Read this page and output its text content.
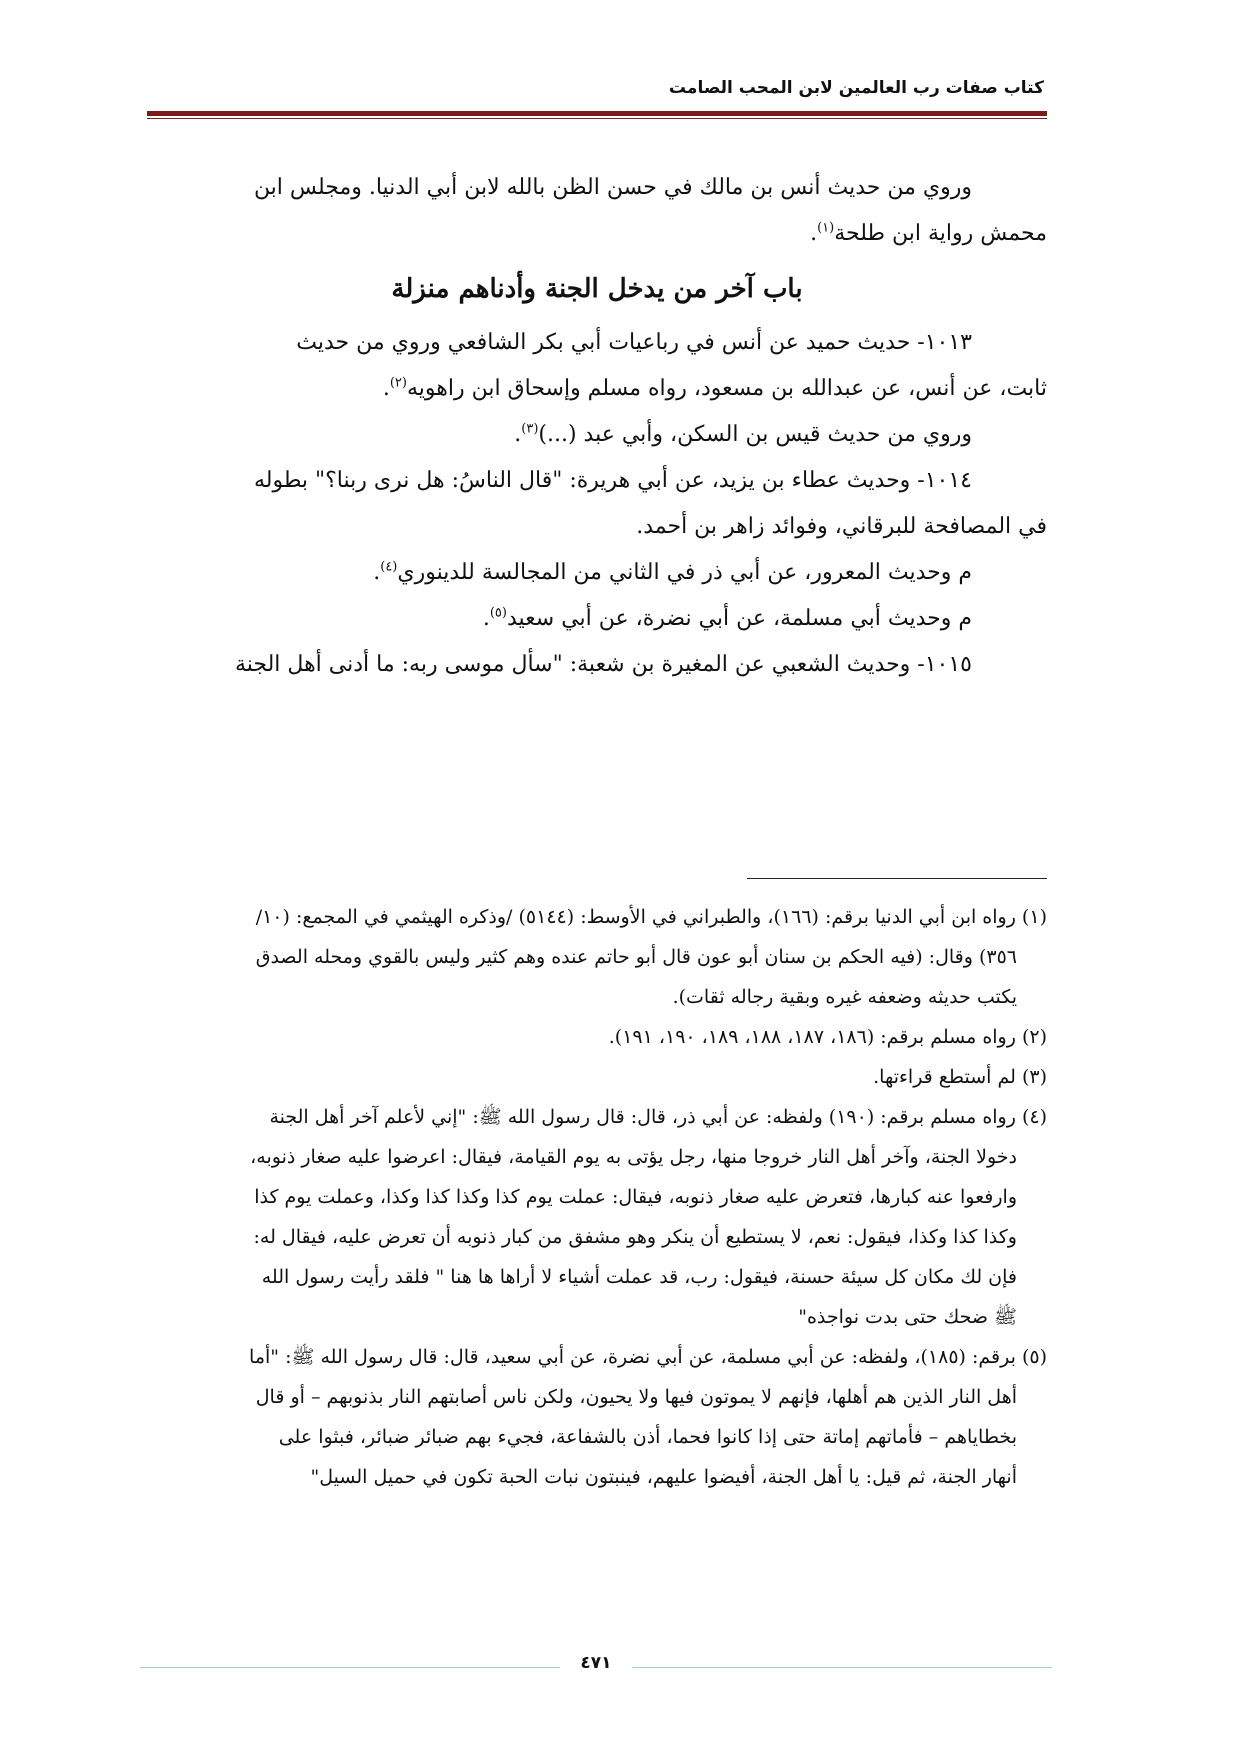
كتاب صفات رب العالمين لابن المحب الصامت

وروي من حديث أنس بن مالك في حسن الظن بالله لابن أبي الدنيا. ومجلس ابن

محمش رواية ابن طلحة$^{(١)}$.

باب آخر من يدخل الجنة وأدناهم منزلة

١٠١٣- حديث حميد عن أنس في رباعيات أبي بكر الشافعي وروي من حديث

ثابت، عن أنس، عن عبدالله بن مسعود، رواه مسلم وإسحاق ابن راهويه$^{(٢)}$.

وروي من حديث قيس بن السكن، وأبي عبد (...)$^{(٣)}$.

١٠١٤- وحديث عطاء بن يزيد، عن أبي هريرة: "قال الناسُ: هل نرى ربنا؟" بطوله

في المصافحة للبرقاني، وفوائد زاهر بن أحمد.

م وحديث المعرور، عن أبي ذر في الثاني من المجالسة للدينوري$^{(٤)}$.

م وحديث أبي مسلمة، عن أبي نضرة، عن أبي سعيد$^{(٥)}$.

١٠١٥- وحديث الشعبي عن المغيرة بن شعبة: "سأل موسى ربه: ما أدنى أهل الجنة

(١) رواه ابن أبي الدنيا برقم: (١٦٦)، والطبراني في الأوسط: (٥١٤٤) /وذكره الهيثمي في المجمع: (١٠/

٣٥٦) وقال: (فيه الحكم بن سنان أبو عون قال أبو حاتم عنده وهم كثير وليس بالقوي ومحله الصدق

يكتب حديثه وضعفه غيره وبقية رجاله ثقات).

(٢) رواه مسلم برقم: (١٨٦، ١٨٧، ١٨٨، ١٨٩، ١٩٠، ١٩١).

(٣) لم أستطع قراءتها.

(٤) رواه مسلم برقم: (١٩٠) ولفظه: عن أبي ذر، قال: قال رسول الله ﷺ: "إني لأعلم آخر أهل الجنة

دخولا الجنة، وآخر أهل النار خروجا منها، رجل يؤتى به يوم القيامة، فيقال: اعرضوا عليه صغار ذنوبه،

وارفعوا عنه كبارها، فتعرض عليه صغار ذنوبه، فيقال: عملت يوم كذا وكذا كذا وكذا، وعملت يوم كذا

وكذا كذا وكذا، فيقول: نعم، لا يستطيع أن ينكر وهو مشفق من كبار ذنوبه أن تعرض عليه، فيقال له:

فإن لك مكان كل سيئة حسنة، فيقول: رب، قد عملت أشياء لا أراها ها هنا " فلقد رأيت رسول الله

ﷺ ضحك حتى بدت نواجذه"

(٥) برقم: (١٨٥)، ولفظه: عن أبي مسلمة، عن أبي نضرة، عن أبي سعيد، قال: قال رسول الله ﷺ: "أما

أهل النار الذين هم أهلها، فإنهم لا يموتون فيها ولا يحيون، ولكن ناس أصابتهم النار بذنوبهم – أو قال

بخطاياهم – فأماتهم إماتة حتى إذا كانوا فحما، أذن بالشفاعة، فجيء بهم ضبائر ضبائر، فبثوا على

أنهار الجنة، ثم قيل: يا أهل الجنة، أفيضوا عليهم، فينبتون نبات الحبة تكون في حميل السيل"

٤٧١
